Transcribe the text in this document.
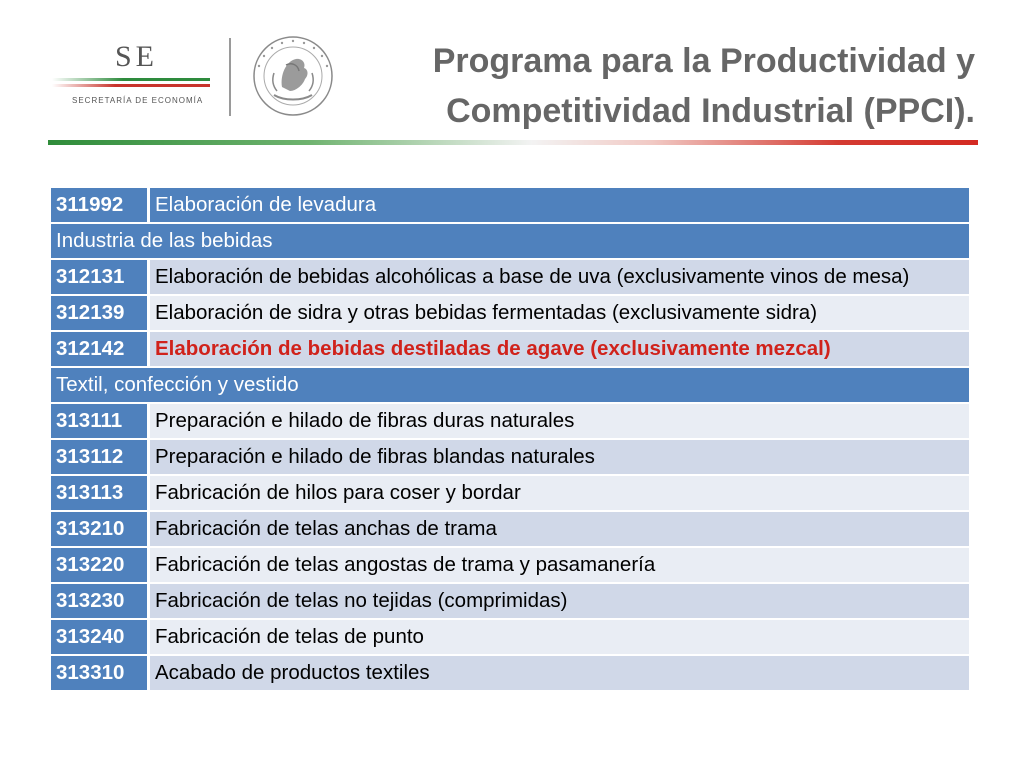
SE
SECRETARÍA DE ECONOMÍA
Programa para la Productividad y
Competitividad Industrial (PPCI).
311992	Elaboración de levadura
Industria de las bebidas	
312131	Elaboración de bebidas alcohólicas a base de uva (exclusivamente vinos de mesa)
312139	Elaboración de sidra y otras bebidas fermentadas (exclusivamente sidra)
312142	Elaboración de bebidas destiladas de agave (exclusivamente mezcal)
Textil, confección y vestido	
313111	Preparación e hilado de fibras duras naturales
313112	Preparación e hilado de fibras blandas naturales
313113	Fabricación de hilos para coser y bordar
313210	Fabricación de telas anchas de trama
313220	Fabricación de telas angostas de trama y pasamanería
313230	Fabricación de telas no tejidas (comprimidas)
313240	Fabricación de telas de punto
313310	Acabado de productos textiles
